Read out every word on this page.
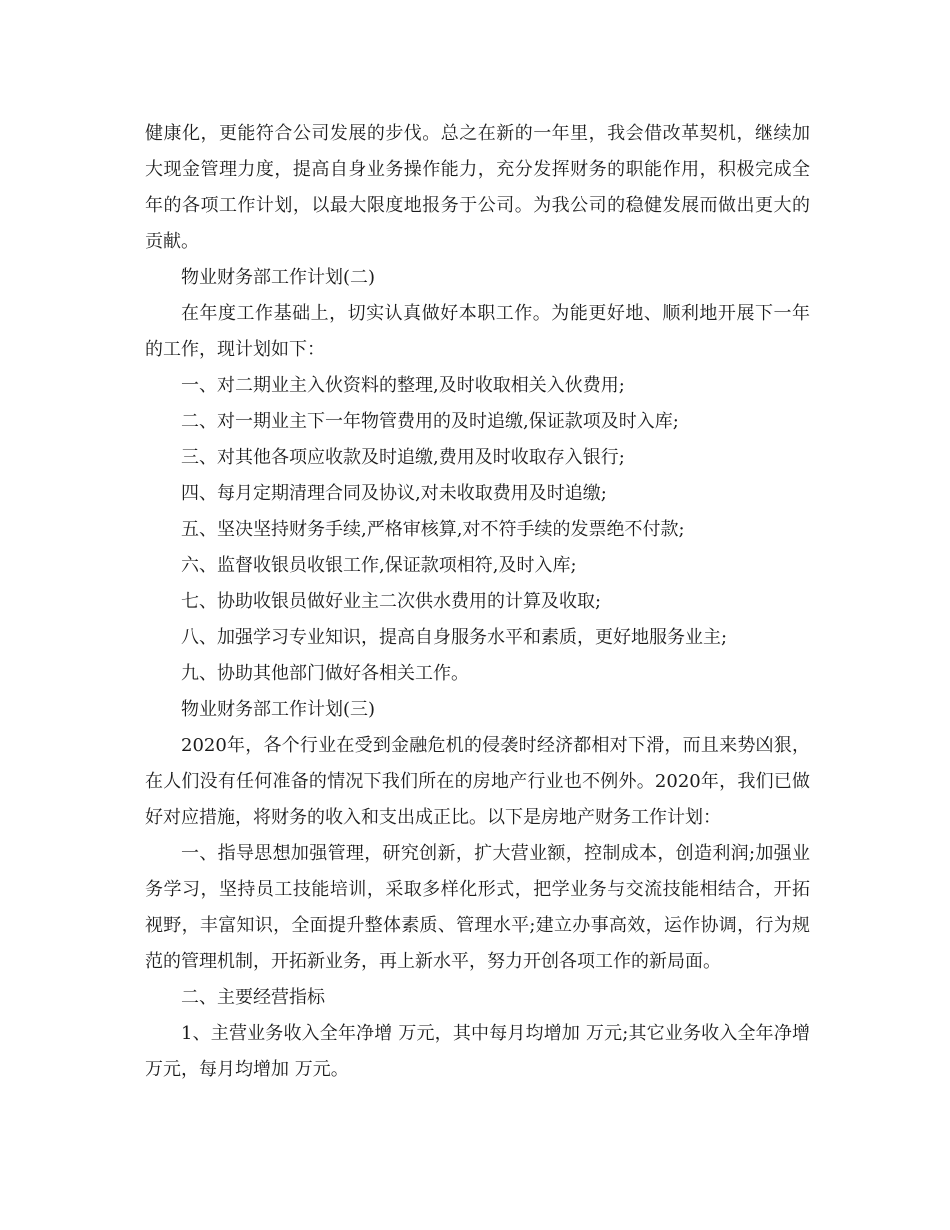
健康化，更能符合公司发展的步伐。总之在新的一年里，我会借改革契机，继续加大现金管理力度，提高自身业务操作能力，充分发挥财务的职能作用，积极完成全年的各项工作计划，以最大限度地报务于公司。为我公司的稳健发展而做出更大的贡献。

物业财务部工作计划(二)

在年度工作基础上，切实认真做好本职工作。为能更好地、顺利地开展下一年的工作，现计划如下：

一、对二期业主入伙资料的整理,及时收取相关入伙费用;

二、对一期业主下一年物管费用的及时追缴,保证款项及时入库;

三、对其他各项应收款及时追缴,费用及时收取存入银行;

四、每月定期清理合同及协议,对未收取费用及时追缴;

五、坚决坚持财务手续,严格审核算,对不符手续的发票绝不付款;

六、监督收银员收银工作,保证款项相符,及时入库;

七、协助收银员做好业主二次供水费用的计算及收取;

八、加强学习专业知识，提高自身服务水平和素质，更好地服务业主;

九、协助其他部门做好各相关工作。

物业财务部工作计划(三)

2020年，各个行业在受到金融危机的侵袭时经济都相对下滑，而且来势凶狠，在人们没有任何准备的情况下我们所在的房地产行业也不例外。2020年，我们已做好对应措施，将财务的收入和支出成正比。以下是房地产财务工作计划：

一、指导思想加强管理，研究创新，扩大营业额，控制成本，创造利润;加强业务学习，坚持员工技能培训，采取多样化形式，把学业务与交流技能相结合，开拓视野，丰富知识，全面提升整体素质、管理水平;建立办事高效，运作协调，行为规范的管理机制，开拓新业务，再上新水平，努力开创各项工作的新局面。

二、主要经营指标

1、主营业务收入全年净增 万元，其中每月均增加 万元;其它业务收入全年净增 万元，每月均增加 万元。
